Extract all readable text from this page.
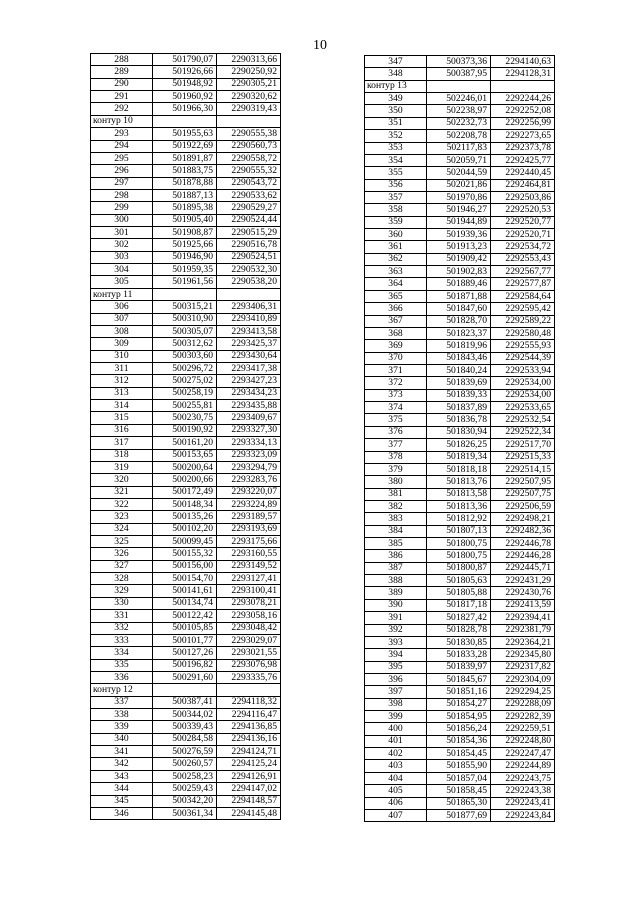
10
288	501790,07	2290313,66
289	501926,66	2290250,92
290	501948,92	2290305,21
291	501960,92	2290320,62
292	501966,30	2290319,43
контур 10		
293	501955,63	2290555,38
294	501922,69	2290560,73
295	501891,87	2290558,72
296	501883,75	2290555,32
297	501878,88	2290543,72
298	501887,13	2290533,62
299	501895,38	2290529,27
300	501905,40	2290524,44
301	501908,87	2290515,29
302	501925,66	2290516,78
303	501946,90	2290524,51
304	501959,35	2290532,30
305	501961,56	2290538,20
контур 11		
306	500315,21	2293406,31
307	500310,90	2293410,89
308	500305,07	2293413,58
309	500312,62	2293425,37
310	500303,60	2293430,64
311	500296,72	2293417,38
312	500275,02	2293427,23
313	500258,19	2293434,23
314	500255,81	2293435,88
315	500230,75	2293409,67
316	500190,92	2293327,30
317	500161,20	2293334,13
318	500153,65	2293323,09
319	500200,64	2293294,79
320	500200,66	2293283,76
321	500172,49	2293220,07
322	500148,34	2293224,89
323	500135,26	2293189,57
324	500102,20	2293193,69
325	500099,45	2293175,66
326	500155,32	2293160,55
327	500156,00	2293149,52
328	500154,70	2293127,41
329	500141,61	2293100,41
330	500134,74	2293078,21
331	500122,42	2293058,16
332	500105,85	2293048,42
333	500101,77	2293029,07
334	500127,26	2293021,55
335	500196,82	2293076,98
336	500291,60	2293335,76
контур 12		
337	500387,41	2294118,32
338	500344,02	2294116,47
339	500339,43	2294136,85
340	500284,58	2294136,16
341	500276,59	2294124,71
342	500260,57	2294125,24
343	500258,23	2294126,91
344	500259,43	2294147,02
345	500342,20	2294148,57
346	500361,34	2294145,48
347	500373,36	2294140,63
348	500387,95	2294128,31
контур 13		
349	502246,01	2292244,26
350	502238,97	2292252,08
351	502232,73	2292256,99
352	502208,78	2292273,65
353	502117,83	2292373,78
354	502059,71	2292425,77
355	502044,59	2292440,45
356	502021,86	2292464,81
357	501970,86	2292503,86
358	501946,27	2292520,53
359	501944,89	2292520,77
360	501939,36	2292520,71
361	501913,23	2292534,72
362	501909,42	2292553,43
363	501902,83	2292567,77
364	501889,46	2292577,87
365	501871,88	2292584,64
366	501847,60	2292595,42
367	501828,70	2292589,22
368	501823,37	2292580,48
369	501819,96	2292555,93
370	501843,46	2292544,39
371	501840,24	2292533,94
372	501839,69	2292534,00
373	501839,33	2292534,00
374	501837,89	2292533,65
375	501836,78	2292532,54
376	501830,94	2292522,34
377	501826,25	2292517,70
378	501819,34	2292515,33
379	501818,18	2292514,15
380	501813,76	2292507,95
381	501813,58	2292507,75
382	501813,36	2292506,59
383	501812,92	2292498,21
384	501807,13	2292482,36
385	501800,75	2292446,78
386	501800,75	2292446,28
387	501800,87	2292445,71
388	501805,63	2292431,29
389	501805,88	2292430,76
390	501817,18	2292413,59
391	501827,42	2292394,41
392	501828,78	2292381,79
393	501830,85	2292364,21
394	501833,28	2292345,80
395	501839,97	2292317,82
396	501845,67	2292304,09
397	501851,16	2292294,25
398	501854,27	2292288,09
399	501854,95	2292282,39
400	501856,24	2292259,51
401	501854,36	2292248,80
402	501854,45	2292247,47
403	501855,90	2292244,89
404	501857,04	2292243,75
405	501858,45	2292243,38
406	501865,30	2292243,41
407	501877,69	2292243,84
